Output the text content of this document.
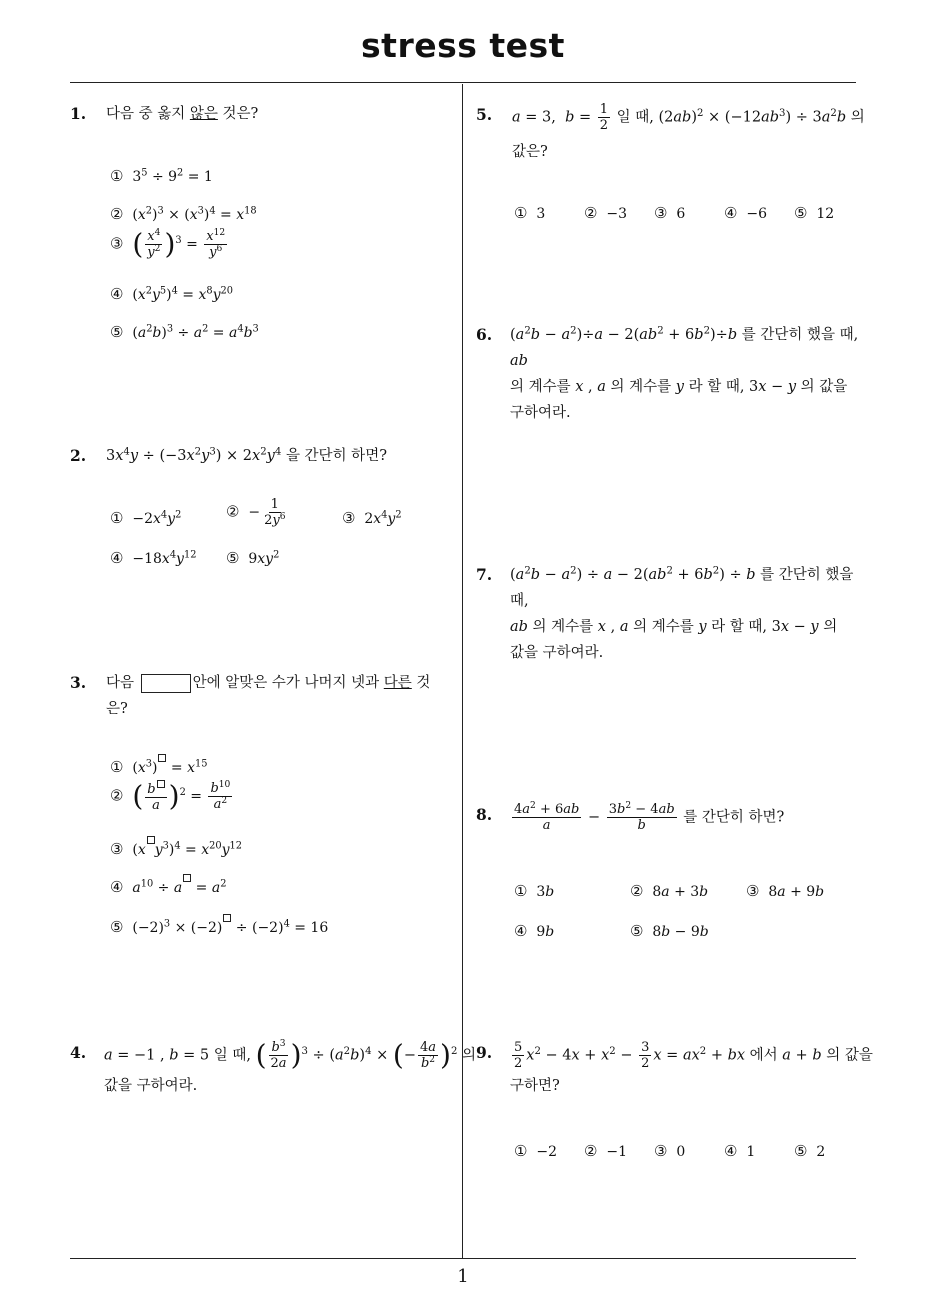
stress test
1
1. 다음 중 옳지 않은 것은?
①  $3^5 \div 9^2 = 1$
②  $(x^2)^3 \times (x^3)^4 = x^{18}$
③ ( $\frac{x^4}{y^2} )^3 = \frac{x^{12}}{y^6}$
④  $(x^2y^5)^4 = x^8y^{20}$
⑤  $(a^2b)^3 \div a^2 = a^4b^3$
2. $3x^4y \div (-3x^2y^3) \times 2x^2y^4$ 을 간단히 하면?
①  $-2x^4y^2$	②  − $\frac{1}{2y^6}$	③  $2x^4y^2$
④  $-18x^4y^{12}$ ⑤  $9xy^2$
3. 다음	안에 알맞은 수가 나머지 넷과 다른 것
은?
①  $(x^3) = x^{15}$
② ( $\frac{b}{a} )^2 = \frac{b^{10}}{a^2}$
③  (x $y^3)^4 = x^{20}y^{12}$
④ $a^{10} \div a = a^2$
⑤  $(-2)^3 \times (-2) \div (-2)^4 = 16$
4. a = −1 , b = 5 일 때, ( $\frac{b^3}{2a} )^3 \div (a^2b)^4$ × (− $\frac{4a}{b^2} )^2$ 의
값을 구하여라.
5. a = 3,  $b = \frac{1}{2}$ 일 때, $(2ab)^2 \times (-12ab^3) \div 3a^2b$ 의
값은?
① 3	② −3 ③ 6	④ −6 ⑤ 12
6. $(a^2b - a^2)\div a - 2(ab^2 + 6b^2)\div b$ 를 간단히 했을 때, ab
의 계수를 x , a 의 계수를 y 라 할 때, 3x − y 의 값을
구하여라.
7. $(a^2b - a^2) \div a - 2(ab^2 + 6b^2) \div b$ 를 간단히 했을 때,
ab 의 계수를 x , a 의 계수를 y 라 할 때, 3x − y 의
값을 구하여라.
8. $\frac{4a^2 + 6ab}{a} - \frac{3b^2 - 4ab}{b}$ 를 간단히 하면?
①  3b	②  8a + 3b	③  8a + 9b
④  9b	⑤  8b − 9b
9. $\frac{5}{2} x^2 - 4x + x^2 - \frac{3}{2}$ $x = ax^2$ + bx 에서 a + b 의 값을
구하면?
① −2 ② −1 ③ 0	④ 1	⑤ 2
